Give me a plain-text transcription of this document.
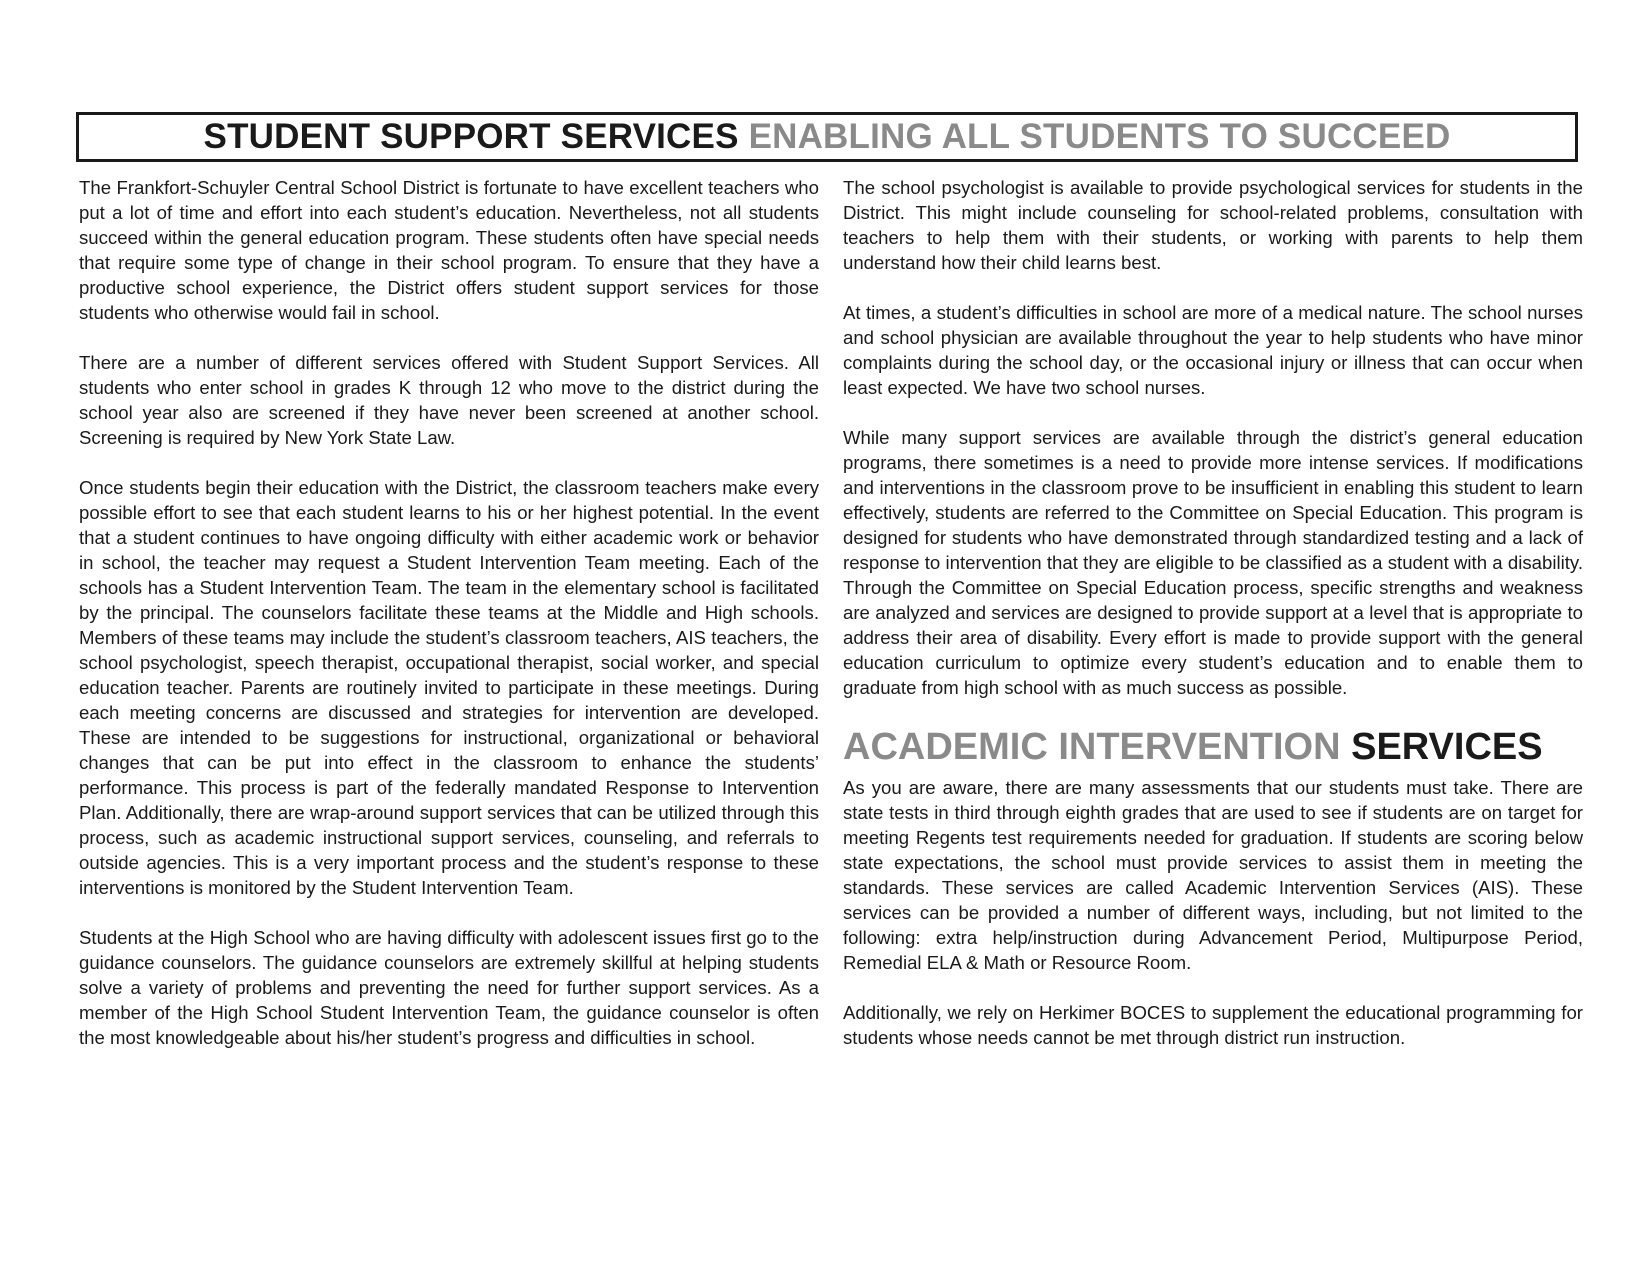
STUDENT SUPPORT SERVICES
ENABLING ALL STUDENTS TO SUCCEED

The Frankfort-Schuyler Central School District is fortunate to have excellent teachers who put a lot of time and effort into each student’s education. Nevertheless, not all students succeed within the general education program. These students often have special needs that require some type of change in their school program. To ensure that they have a productive school experience, the District offers student support services for those students who otherwise would fail in school.

There are a number of different services offered with Student Support Services. All students who enter school in grades K through 12 who move to the district during the school year also are screened if they have never been screened at another school. Screening is required by New York State Law.

Once students begin their education with the District, the classroom teachers make every possible effort to see that each student learns to his or her highest potential. In the event that a student continues to have ongoing difficulty with either academic work or behavior in school, the teacher may request a Student Intervention Team meeting. Each of the schools has a Student Intervention Team. The team in the elementary school is facilitated by the principal. The counselors facilitate these teams at the Middle and High schools. Members of these teams may include the student’s classroom teachers, AIS teachers, the school psychologist, speech therapist, occupational therapist, social worker, and special education teacher. Parents are routinely invited to participate in these meetings. During each meeting concerns are discussed and strategies for intervention are developed. These are intended to be suggestions for instructional, organizational or behavioral changes that can be put into effect in the classroom to enhance the students’ performance. This process is part of the federally mandated Response to Intervention Plan. Additionally, there are wrap-around support services that can be utilized through this process, such as academic instructional support services, counseling, and referrals to outside agencies. This is a very important process and the student’s response to these interventions is monitored by the Student Intervention Team.

Students at the High School who are having difficulty with adolescent issues first go to the guidance counselors. The guidance counselors are extremely skillful at helping students solve a variety of problems and preventing the need for further support services. As a member of the High School Student Intervention Team, the guidance counselor is often the most knowledgeable about his/her student’s progress and difficulties in school.

The school psychologist is available to provide psychological services for students in the District. This might include counseling for school-related problems, consultation with teachers to help them with their students, or working with parents to help them understand how their child learns best.

At times, a student’s difficulties in school are more of a medical nature. The school nurses and school physician are available throughout the year to help students who have minor complaints during the school day, or the occasional injury or illness that can occur when least expected. We have two school nurses.

While many support services are available through the district’s general education programs, there sometimes is a need to provide more intense services. If modifications and interventions in the classroom prove to be insufficient in enabling this student to learn effectively, students are referred to the Committee on Special Education. This program is designed for students who have demonstrated through standardized testing and a lack of response to intervention that they are eligible to be classified as a student with a disability. Through the Committee on Special Education process, specific strengths and weakness are analyzed and services are designed to provide support at a level that is appropriate to address their area of disability. Every effort is made to provide support with the general education curriculum to optimize every student’s education and to enable them to graduate from high school with as much success as possible.

ACADEMIC INTERVENTION SERVICES

As you are aware, there are many assessments that our students must take. There are state tests in third through eighth grades that are used to see if students are on target for meeting Regents test requirements needed for graduation. If students are scoring below state expectations, the school must provide services to assist them in meeting the standards. These services are called Academic Intervention Services (AIS). These services can be provided a number of different ways, including, but not limited to the following: extra help/instruction during Advancement Period, Multipurpose Period, Remedial ELA & Math or Resource Room.

Additionally, we rely on Herkimer BOCES to supplement the educational programming for students whose needs cannot be met through district run instruction.
